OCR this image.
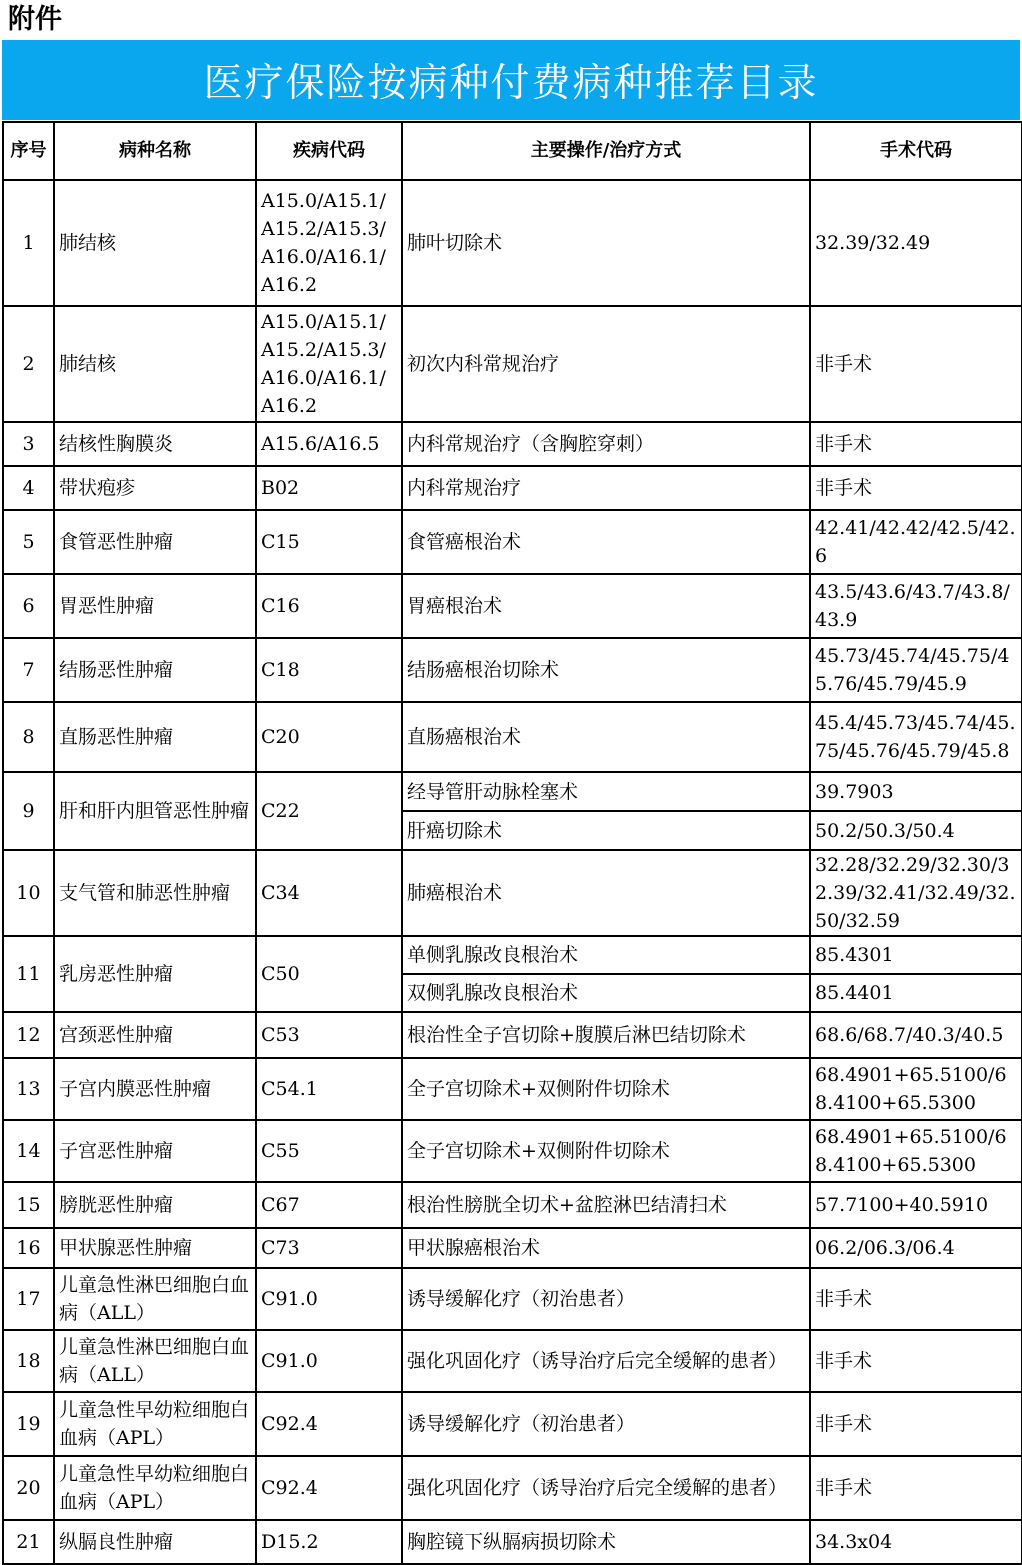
附件
医疗保险按病种付费病种推荐目录
序号	病种名称	疾病代码	主要操作/治疗方式	手术代码
1	肺结核	A15.0/A15.1/A15.2/A15.3/A16.0/A16.1/A16.2	肺叶切除术	32.39/32.49
2	肺结核	A15.0/A15.1/A15.2/A15.3/A16.0/A16.1/A16.2	初次内科常规治疗	非手术
3	结核性胸膜炎	A15.6/A16.5	内科常规治疗（含胸腔穿刺）	非手术
4	带状疱疹	B02	内科常规治疗	非手术
5	食管恶性肿瘤	C15	食管癌根治术	42.41/42.42/42.5/42.6
6	胃恶性肿瘤	C16	胃癌根治术	43.5/43.6/43.7/43.8/43.9
7	结肠恶性肿瘤	C18	结肠癌根治切除术	45.73/45.74/45.75/45.76/45.79/45.9
8	直肠恶性肿瘤	C20	直肠癌根治术	45.4/45.73/45.74/45.75/45.76/45.79/45.8
9	肝和肝内胆管恶性肿瘤	C22	经导管肝动脉栓塞术	39.7903
			肝癌切除术	50.2/50.3/50.4
10	支气管和肺恶性肿瘤	C34	肺癌根治术	32.28/32.29/32.30/32.39/32.41/32.49/32.50/32.59
11	乳房恶性肿瘤	C50	单侧乳腺改良根治术	85.4301
			双侧乳腺改良根治术	85.4401
12	宫颈恶性肿瘤	C53	根治性全子宫切除+腹膜后淋巴结切除术	68.6/68.7/40.3/40.5
13	子宫内膜恶性肿瘤	C54.1	全子宫切除术+双侧附件切除术	68.4901+65.5100/68.4100+65.5300
14	子宫恶性肿瘤	C55	全子宫切除术+双侧附件切除术	68.4901+65.5100/68.4100+65.5300
15	膀胱恶性肿瘤	C67	根治性膀胱全切术+盆腔淋巴结清扫术	57.7100+40.5910
16	甲状腺恶性肿瘤	C73	甲状腺癌根治术	06.2/06.3/06.4
17	儿童急性淋巴细胞白血病（ALL）	C91.0	诱导缓解化疗（初治患者）	非手术
18	儿童急性淋巴细胞白血病（ALL）	C91.0	强化巩固化疗（诱导治疗后完全缓解的患者）	非手术
19	儿童急性早幼粒细胞白血病（APL）	C92.4	诱导缓解化疗（初治患者）	非手术
20	儿童急性早幼粒细胞白血病（APL）	C92.4	强化巩固化疗（诱导治疗后完全缓解的患者）	非手术
21	纵膈良性肿瘤	D15.2	胸腔镜下纵膈病损切除术	34.3x04
